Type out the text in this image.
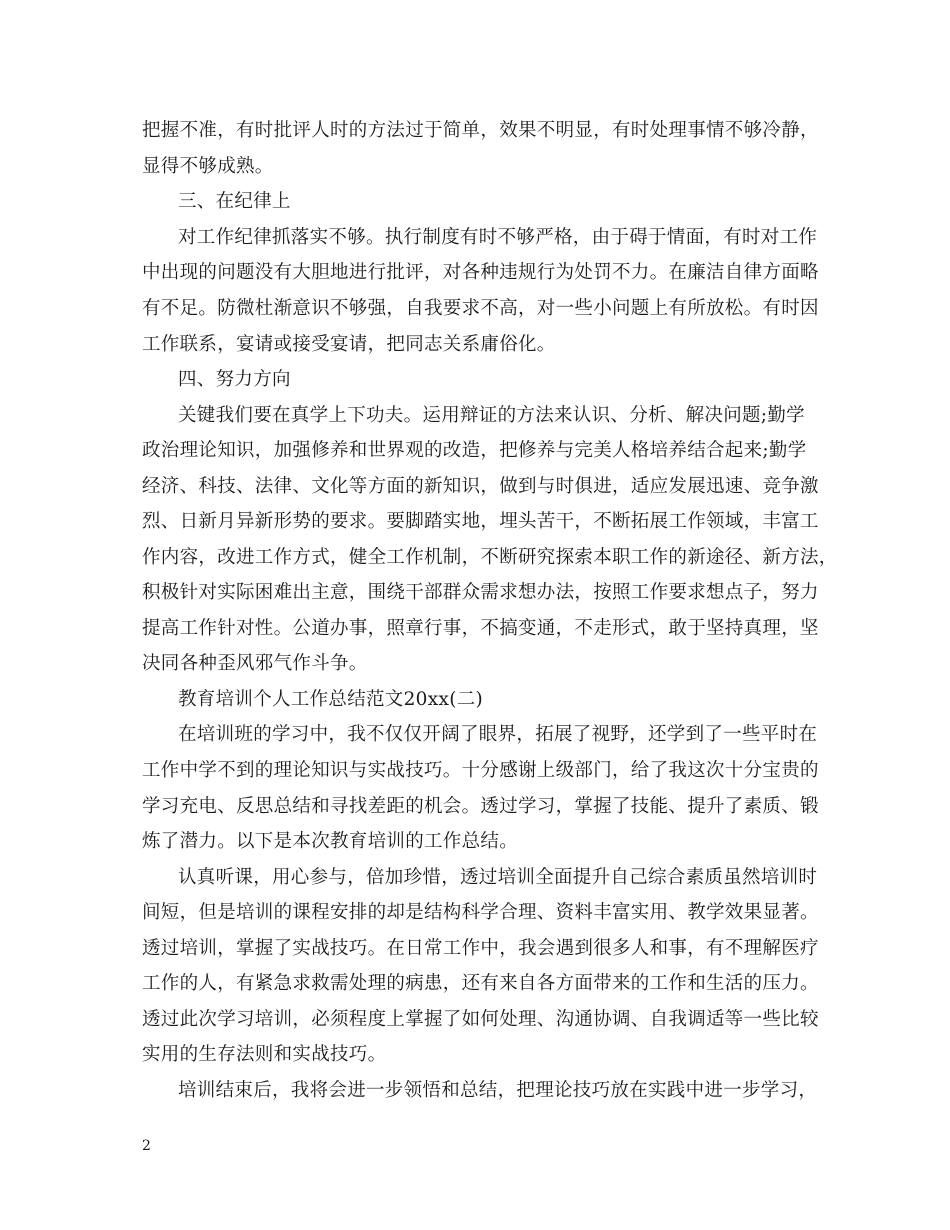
把握不准，有时批评人时的方法过于简单，效果不明显，有时处理事情不够冷静，
显得不够成熟。
三、在纪律上
对工作纪律抓落实不够。执行制度有时不够严格，由于碍于情面，有时对工作
中出现的问题没有大胆地进行批评，对各种违规行为处罚不力。在廉洁自律方面略
有不足。防微杜渐意识不够强，自我要求不高，对一些小问题上有所放松。有时因
工作联系，宴请或接受宴请，把同志关系庸俗化。
四、努力方向
关键我们要在真学上下功夫。运用辩证的方法来认识、分析、解决问题;勤学
政治理论知识，加强修养和世界观的改造，把修养与完美人格培养结合起来;勤学
经济、科技、法律、文化等方面的新知识，做到与时俱进，适应发展迅速、竞争激
烈、日新月异新形势的要求。要脚踏实地，埋头苦干，不断拓展工作领域，丰富工
作内容，改进工作方式，健全工作机制，不断研究探索本职工作的新途径、新方法，
积极针对实际困难出主意，围绕干部群众需求想办法，按照工作要求想点子，努力
提高工作针对性。公道办事，照章行事，不搞变通，不走形式，敢于坚持真理，坚
决同各种歪风邪气作斗争。
教育培训个人工作总结范文20xx(二)
在培训班的学习中，我不仅仅开阔了眼界，拓展了视野，还学到了一些平时在
工作中学不到的理论知识与实战技巧。十分感谢上级部门，给了我这次十分宝贵的
学习充电、反思总结和寻找差距的机会。透过学习，掌握了技能、提升了素质、锻
炼了潜力。以下是本次教育培训的工作总结。
认真听课，用心参与，倍加珍惜，透过培训全面提升自己综合素质虽然培训时
间短，但是培训的课程安排的却是结构科学合理、资料丰富实用、教学效果显著。
透过培训，掌握了实战技巧。在日常工作中，我会遇到很多人和事，有不理解医疗
工作的人，有紧急求救需处理的病患，还有来自各方面带来的工作和生活的压力。
透过此次学习培训，必须程度上掌握了如何处理、沟通协调、自我调适等一些比较
实用的生存法则和实战技巧。
培训结束后，我将会进一步领悟和总结，把理论技巧放在实践中进一步学习，
2
